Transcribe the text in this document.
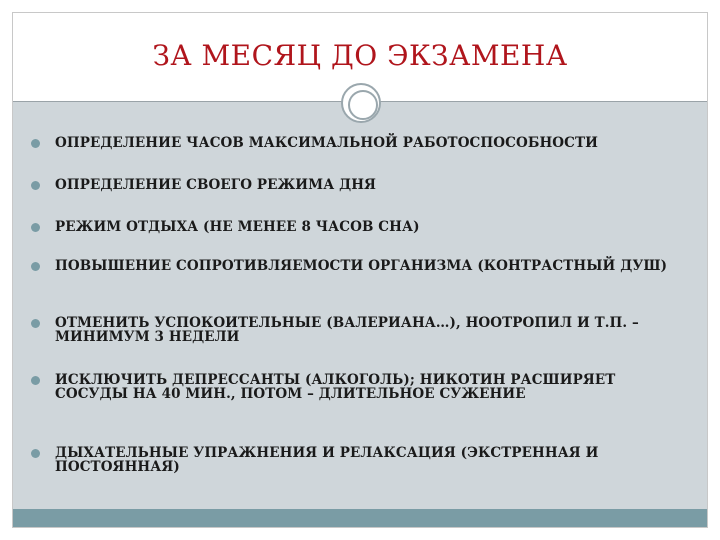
ЗА МЕСЯЦ ДО ЭКЗАМЕНА
ОПРЕДЕЛЕНИЕ ЧАСОВ МАКСИМАЛЬНОЙ РАБОТОСПОСОБНОСТИ
ОПРЕДЕЛЕНИЕ СВОЕГО РЕЖИМА ДНЯ
РЕЖИМ ОТДЫХА (НЕ МЕНЕЕ 8 ЧАСОВ СНА)
ПОВЫШЕНИЕ СОПРОТИВЛЯЕМОСТИ ОРГАНИЗМА (КОНТРАСТНЫЙ ДУШ)
ОТМЕНИТЬ УСПОКОИТЕЛЬНЫЕ (ВАЛЕРИАНА…), НООТРОПИЛ И Т.П. – МИНИМУМ 3 НЕДЕЛИ
ИСКЛЮЧИТЬ ДЕПРЕССАНТЫ (АЛКОГОЛЬ); НИКОТИН РАСШИРЯЕТ СОСУДЫ НА 40 МИН., ПОТОМ – ДЛИТЕЛЬНОЕ СУЖЕНИЕ
ДЫХАТЕЛЬНЫЕ УПРАЖНЕНИЯ И РЕЛАКСАЦИЯ (ЭКСТРЕННАЯ И ПОСТОЯННАЯ)
